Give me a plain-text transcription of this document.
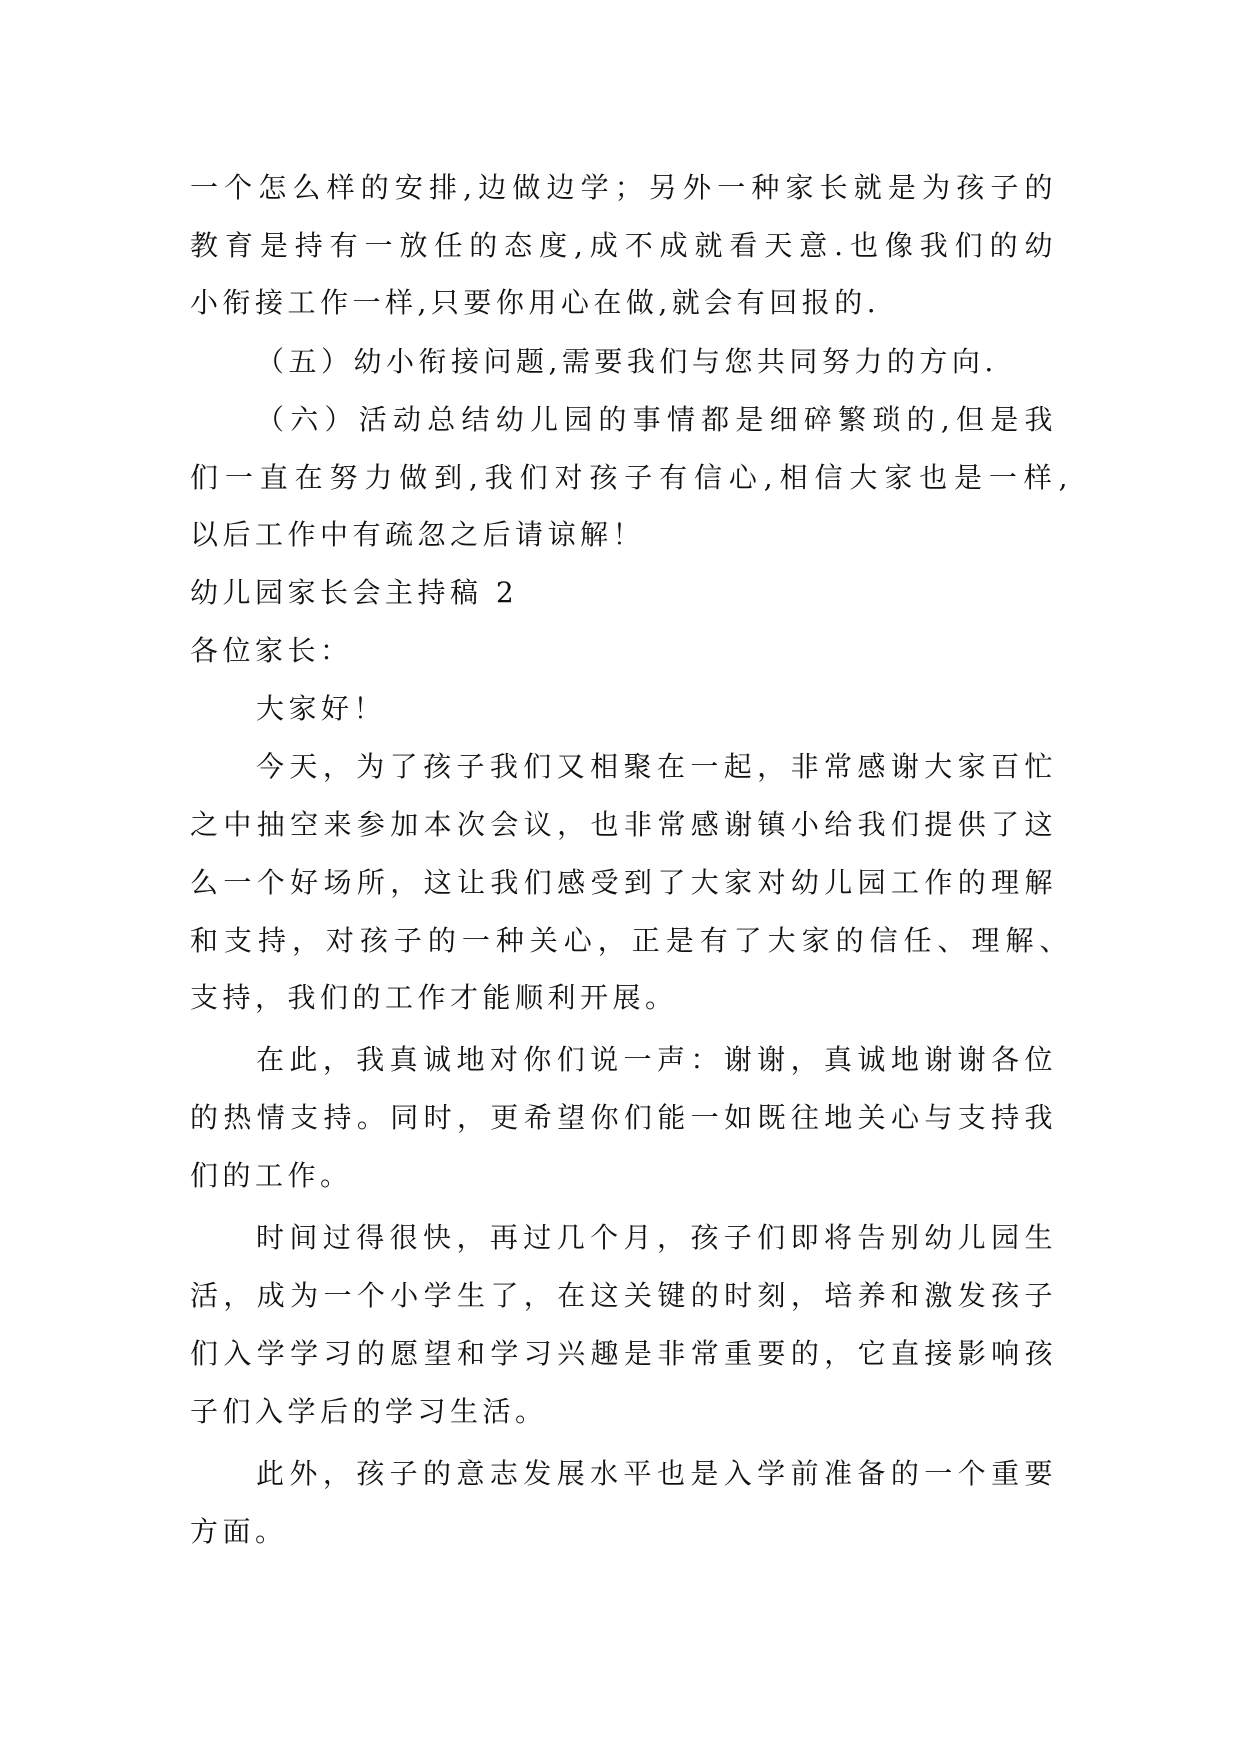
一个怎么样的安排,边做边学；另外一种家长就是为孩子的
教育是持有一放任的态度,成不成就看天意.也像我们的幼
小衔接工作一样,只要你用心在做,就会有回报的.
（五）幼小衔接问题,需要我们与您共同努力的方向.
（六）活动总结幼儿园的事情都是细碎繁琐的,但是我
们一直在努力做到,我们对孩子有信心,相信大家也是一样,
以后工作中有疏忽之后请谅解！
幼儿园家长会主持稿 2
各位家长：
大家好！
今天，为了孩子我们又相聚在一起，非常感谢大家百忙
之中抽空来参加本次会议，也非常感谢镇小给我们提供了这
么一个好场所，这让我们感受到了大家对幼儿园工作的理解
和支持，对孩子的一种关心，正是有了大家的信任、理解、
支持，我们的工作才能顺利开展。
在此，我真诚地对你们说一声：谢谢，真诚地谢谢各位
的热情支持。同时，更希望你们能一如既往地关心与支持我
们的工作。
时间过得很快，再过几个月，孩子们即将告别幼儿园生
活，成为一个小学生了，在这关键的时刻，培养和激发孩子
们入学学习的愿望和学习兴趣是非常重要的，它直接影响孩
子们入学后的学习生活。
此外，孩子的意志发展水平也是入学前准备的一个重要
方面。
